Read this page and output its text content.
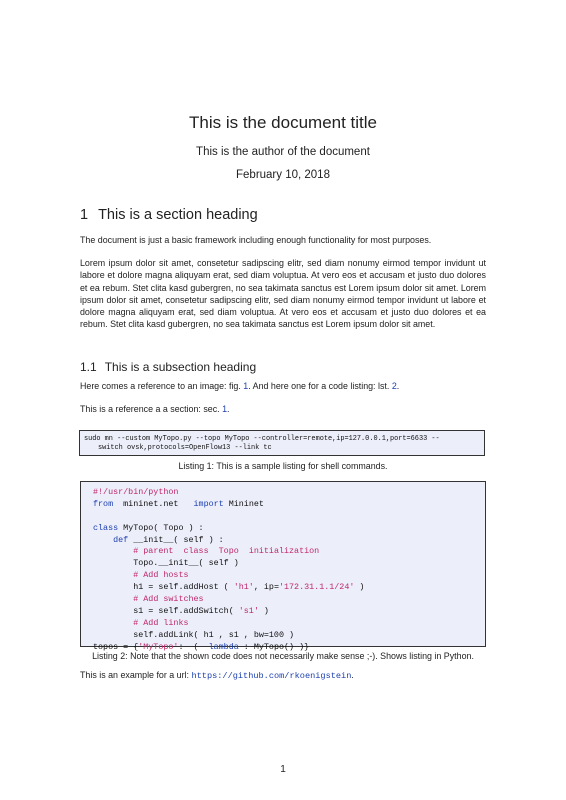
This is the document title
This is the author of the document
February 10, 2018
1 This is a section heading
The document is just a basic framework including enough functionality for most purposes.
Lorem ipsum dolor sit amet, consetetur sadipscing elitr, sed diam nonumy eirmod tempor invidunt ut labore et dolore magna aliquyam erat, sed diam voluptua. At vero eos et accusam et justo duo dolores et ea rebum. Stet clita kasd gubergren, no sea takimata sanctus est Lorem ipsum dolor sit amet. Lorem ipsum dolor sit amet, consetetur sadipscing elitr, sed diam nonumy eirmod tempor invidunt ut labore et dolore magna aliquyam erat, sed diam voluptua. At vero eos et accusam et justo duo dolores et ea rebum. Stet clita kasd gubergren, no sea takimata sanctus est Lorem ipsum dolor sit amet.
1.1 This is a subsection heading
Here comes a reference to an image: fig. 1. And here one for a code listing: lst. 2.
This is a reference a a section: sec. 1.
sudo mn --custom MyTopo.py --topo MyTopo --controller=remote,ip=127.0.0.1,port=6633 --
switch ovsk,protocols=OpenFlow13 --link tc
Listing 1: This is a sample listing for shell commands.
#!/usr/bin/python
from  mininet.net   import Mininet

class MyTopo( Topo ) :
def __init__( self ) :
# parent  class  Topo  initialization
Topo.__init__( self )
# Add hosts
h1 = self.addHost ( 'h1', ip='172.31.1.1/24' )
# Add switches
s1 = self.addSwitch( 's1' )
# Add links
self.addLink( h1 , s1 , bw=100 )
topos = {'MyTopo':  (  lambda : MyTopo() )}
Listing 2: Note that the shown code does not necessarily make sense ;-). Shows listing in Python.
This is an example for a url: https://github.com/rkoenigstein.
1
